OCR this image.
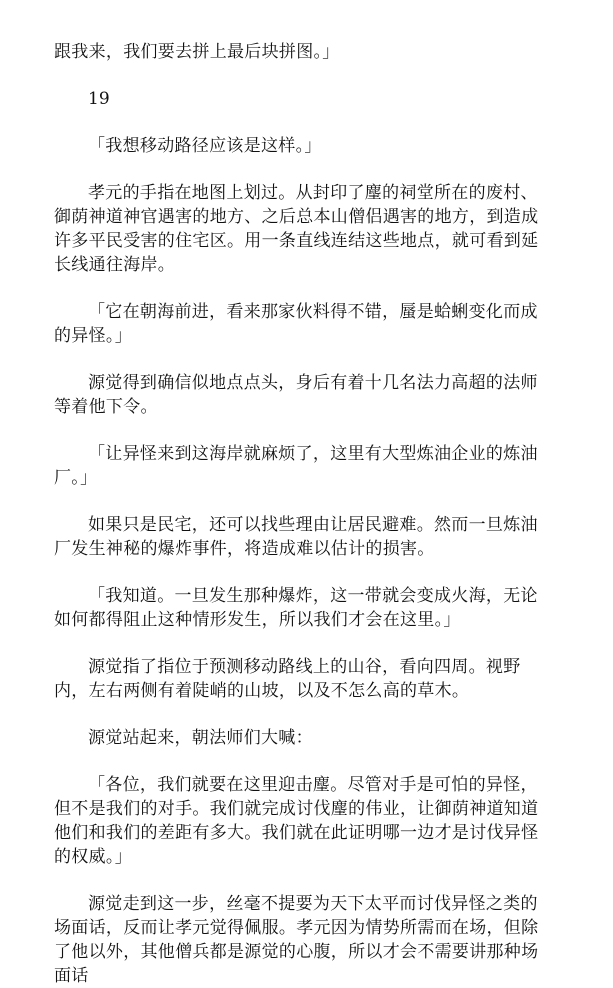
跟我来，我们要去拼上最后块拼图。」

19

「我想移动路径应该是这样。」

孝元的手指在地图上划过。从封印了麈的祠堂所在的废村、御荫神道神官遇害的地方、之后总本山僧侣遇害的地方，到造成许多平民受害的住宅区。用一条直线连结这些地点，就可看到延长线通往海岸。

「它在朝海前进，看来那家伙料得不错，蜃是蛤蜊变化而成的异怪。」

源觉得到确信似地点点头，身后有着十几名法力高超的法师等着他下令。

「让异怪来到这海岸就麻烦了，这里有大型炼油企业的炼油厂。」

如果只是民宅，还可以找些理由让居民避难。然而一旦炼油厂发生神秘的爆炸事件，将造成难以估计的损害。

「我知道。一旦发生那种爆炸，这一带就会变成火海，无论如何都得阻止这种情形发生，所以我们才会在这里。」

源觉指了指位于预测移动路线上的山谷，看向四周。视野内，左右两侧有着陡峭的山坡，以及不怎么高的草木。

源觉站起来，朝法师们大喊：

「各位，我们就要在这里迎击麈。尽管对手是可怕的异怪，但不是我们的对手。我们就完成讨伐麈的伟业，让御荫神道知道他们和我们的差距有多大。我们就在此证明哪一边才是讨伐异怪的权威。」

源觉走到这一步，丝毫不提要为天下太平而讨伐异怪之类的场面话，反而让孝元觉得佩服。孝元因为情势所需而在场，但除了他以外，其他僧兵都是源觉的心腹，所以才会不需要讲那种场面话
